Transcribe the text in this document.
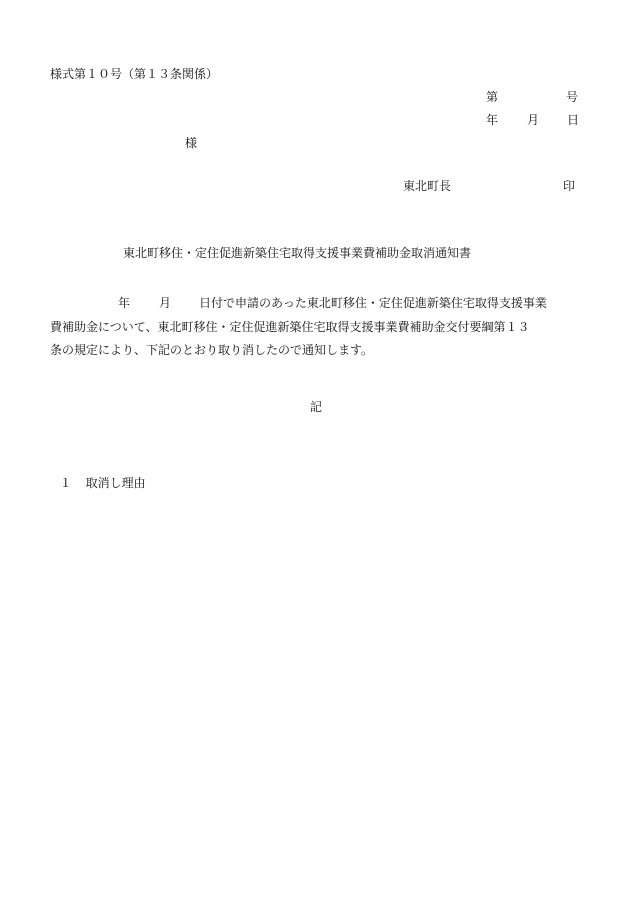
様式第１０号（第１３条関係）

第

	号

年

月

日

様

東北町長

	印

東北町移住・定住促進新築住宅取得支援事業費補助金取消通知書
年 月 日付で申請のあった東北町移住・定住促進新築住宅取得支援事業
費補助金について、東北町移住・定住促進新築住宅取得支援事業費補助金交付要綱第１３
条の規定により、下記のとおり取り消したので通知します。
記

１ 取消し理由
